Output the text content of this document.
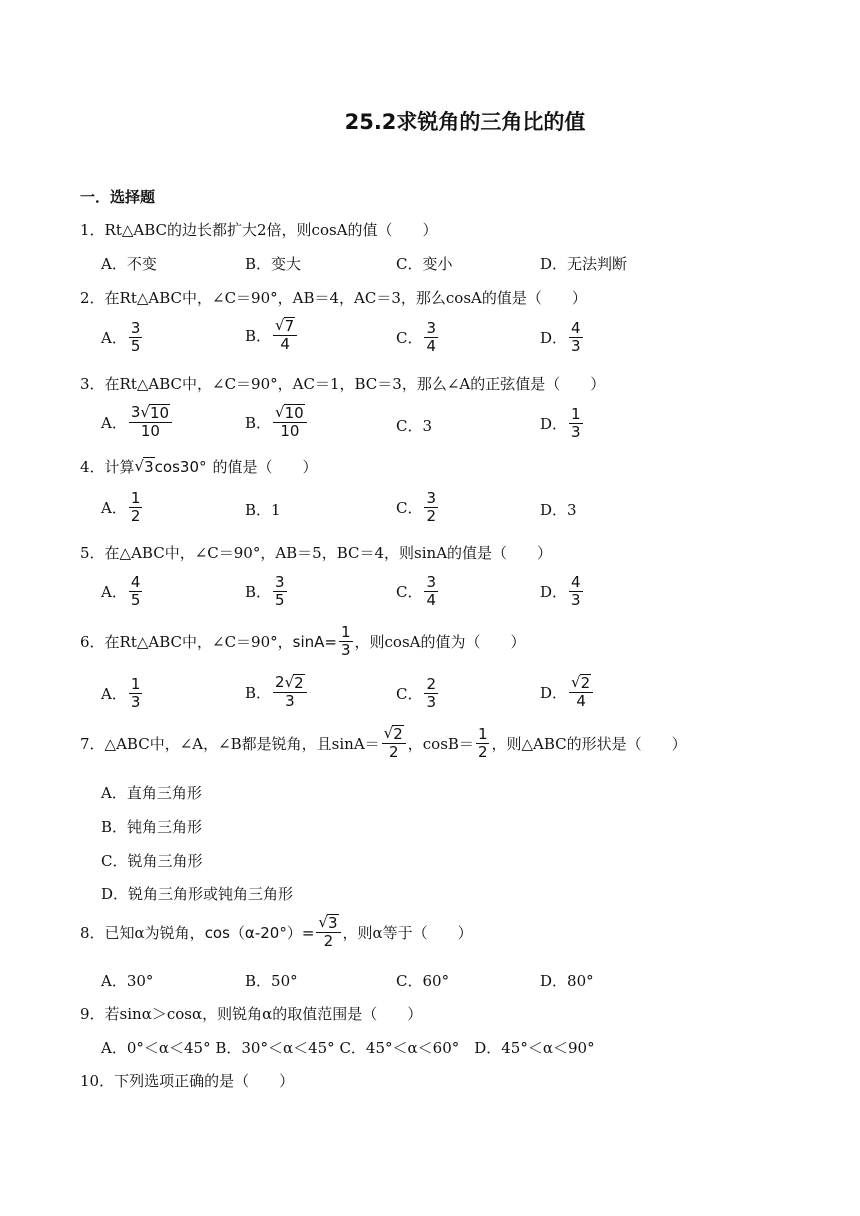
25.2求锐角的三角比的值
一．选择题
1．Rt△ABC的边长都扩大2倍，则cosA的值（　　）
A．不变	B．变大	C．变小	D．无法判断
2．在Rt△ABC中，∠C＝90°，AB＝4，AC＝3，那么cosA的值是（　　）
A． $\frac{3}{5}$	B． $\frac{√ 7}{4}$	C． $\frac{3}{4}$	D． $\frac{4}{3}$
3．在Rt△ABC中，∠C＝90°，AC＝1，BC＝3，那么∠A的正弦值是（　　）
A． $\frac{3 √ 10}{10}$	B． $\frac{√ 10}{10}$	C．3	D． $\frac{1}{3}$
4．计算 √ 3 cos30° 的值是（　　）
A． $\frac{1}{2}$	B．1	C． $\frac{3}{2}$	D．3
5．在△ABC中，∠C＝90°，AB＝5，BC＝4，则sinA的值是（　　）
A． $\frac{4}{5}$	B． $\frac{3}{5}$	C． $\frac{3}{4}$	D． $\frac{4}{3}$
6．在Rt△ABC中，∠C＝90°， $\sin A= \frac{1}{3}$ ，则cosA的值为（　　）
A． $\frac{1}{3}$	B． $\frac{2 √ 2}{3}$	C． $\frac{2}{3}$	D． $\frac{√ 2}{4}$
7．△ABC中，∠A，∠B都是锐角，且$\sin A= \frac{√ 2}{2}$ ，$\cos B= \frac{1}{2}$ ，则△ABC的形状是（　　）
A．直角三角形
B．钝角三角形
C．锐角三角形
D．锐角三角形或钝角三角形
8．已知α为锐角， $\cos(\alpha-20^\circ)= \frac{√ 3}{2}$ ，则α等于（　　）
A．30°	B．50°	C．60°	D．80°
9．若sinα＞cosα，则锐角α的取值范围是（　　）
A．0°＜α＜45° B．30°＜α＜45° C．45°＜α＜60°　D．45°＜α＜90°
10．下列选项正确的是（　　）
